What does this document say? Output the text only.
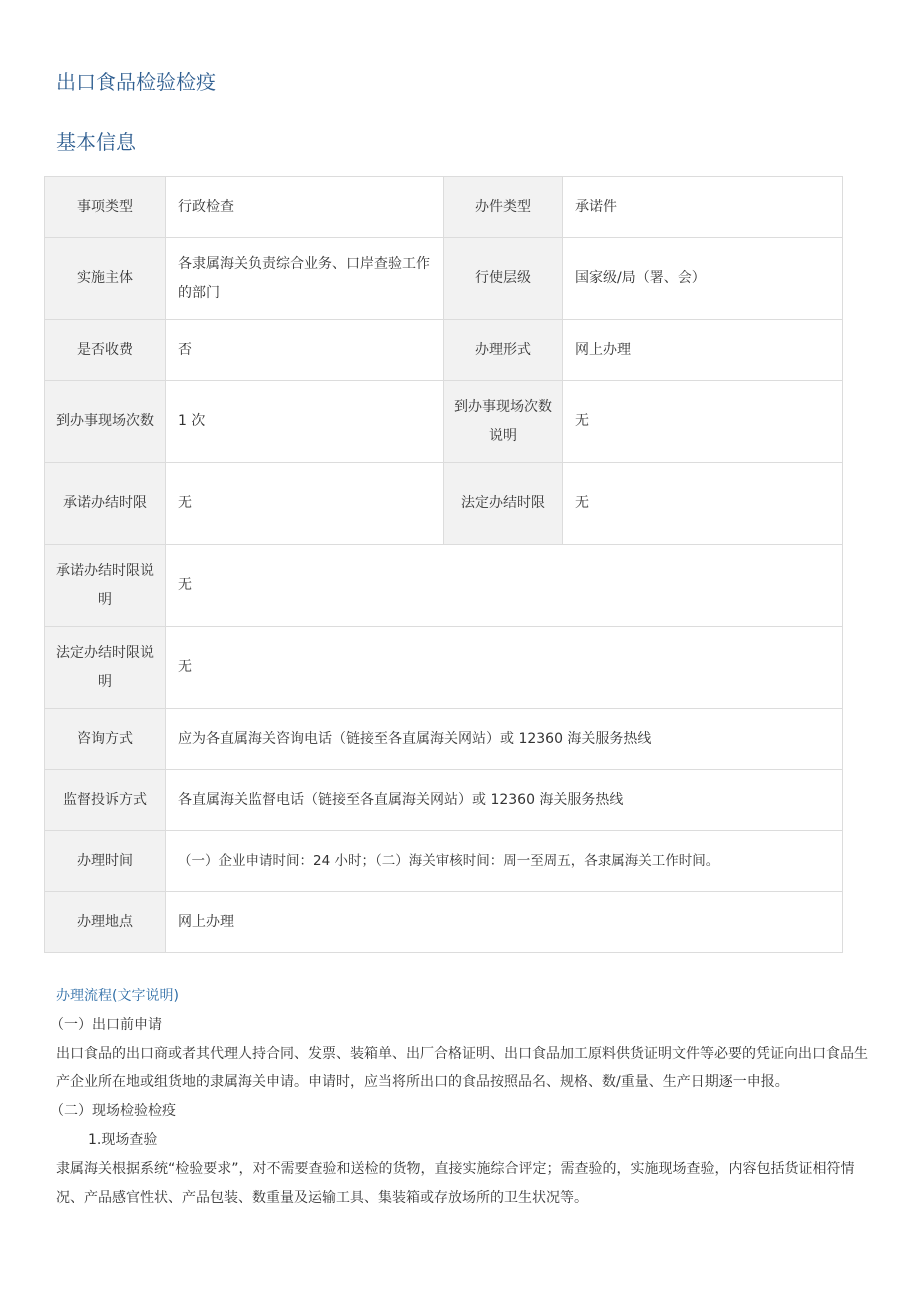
出口食品检验检疫
基本信息
事项类型	行政检查	办件类型	承诺件
实施主体	各隶属海关负责综合业务、口岸查验工作的部门	行使层级	国家级/局（署、会）
是否收费	否	办理形式	网上办理
到办事现场次数	1 次	到办事现场次数说明	无
承诺办结时限	无	法定办结时限	无
承诺办结时限说明	无		
法定办结时限说明	无		
咨询方式	应为各直属海关咨询电话（链接至各直属海关网站）或 12360 海关服务热线		
监督投诉方式	各直属海关监督电话（链接至各直属海关网站）或 12360 海关服务热线		
办理时间	（一）企业申请时间：24 小时；（二）海关审核时间：周一至周五，各隶属海关工作时间。		
办理地点	网上办理		

办理流程(文字说明)

（一）出口前申请

出口食品的出口商或者其代理人持合同、发票、装箱单、出厂合格证明、出口食品加工原料供货证明文件等必要的凭证向出口食品生产企业所在地或组货地的隶属海关申请。申请时，应当将所出口的食品按照品名、规格、数/重量、生产日期逐一申报。

（二）现场检验检疫

1.现场查验

隶属海关根据系统“检验要求”，对不需要查验和送检的货物，直接实施综合评定；需查验的，实施现场查验，内容包括货证相符情况、产品感官性状、产品包装、数重量及运输工具、集装箱或存放场所的卫生状况等。
